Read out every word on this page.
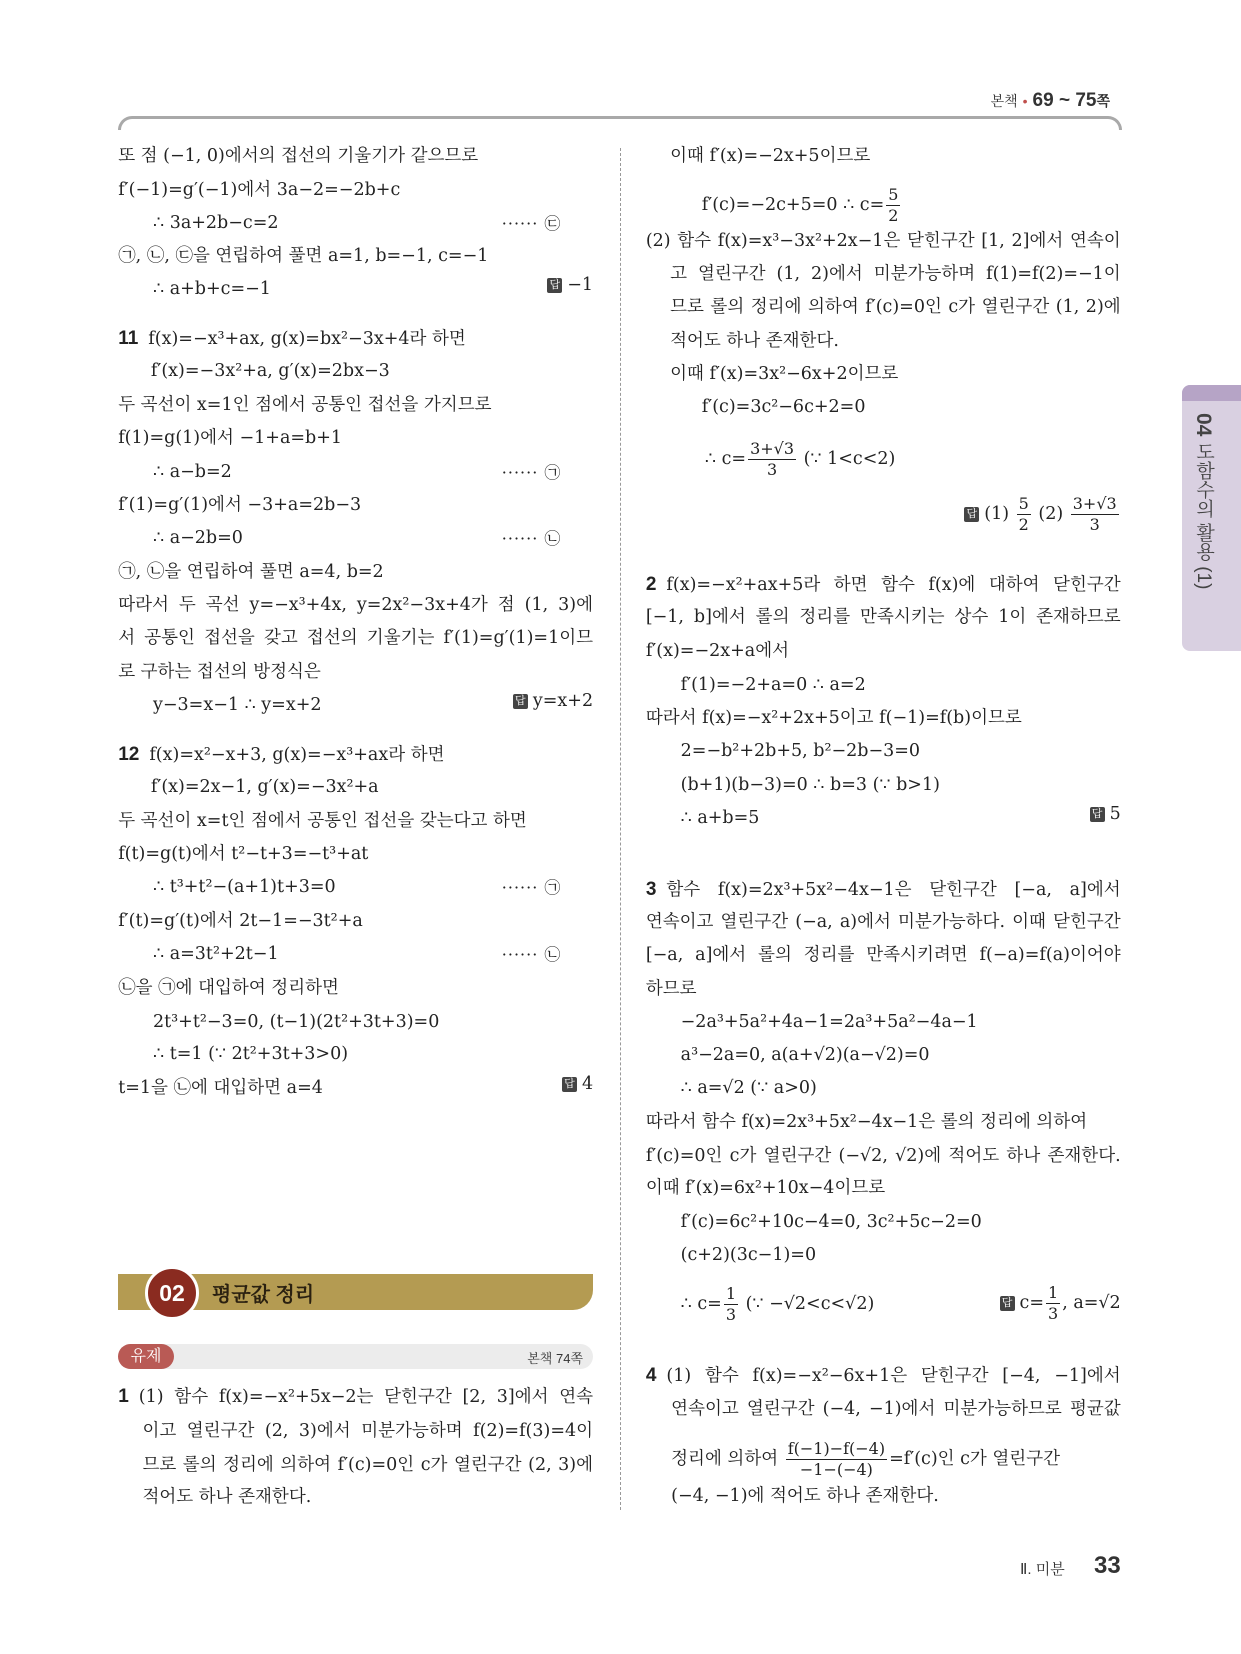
본책 • 69 ~ 75쪽
04 도함수의 활용 (1)
02	평균값 정리
유제	본책 74쪽
또 점 (−1, 0)에서의 접선의 기울기가 같으므로
f′(−1)=g′(−1)에서 3a−2=−2b+c
∴ 3a+2b−c=2	······ ㉢
㉠, ㉡, ㉢을 연립하여 풀면 a=1, b=−1, c=−1
∴ a+b+c=−1	답 −1
11 f(x)=−x³+ax, g(x)=bx²−3x+4라 하면
f′(x)=−3x²+a, g′(x)=2bx−3
두 곡선이 x=1인 점에서 공통인 접선을 가지므로
f(1)=g(1)에서 −1+a=b+1
∴ a−b=2	······ ㉠
f′(1)=g′(1)에서 −3+a=2b−3
∴ a−2b=0	······ ㉡
㉠, ㉡을 연립하여 풀면 a=4, b=2
따라서 두 곡선 y=−x³+4x, y=2x²−3x+4가 점 (1, 3)에
서 공통인 접선을 갖고 접선의 기울기는 f′(1)=g′(1)=1이므
로 구하는 접선의 방정식은
y−3=x−1 ∴ y=x+2	답 y=x+2
12 f(x)=x²−x+3, g(x)=−x³+ax라 하면
f′(x)=2x−1, g′(x)=−3x²+a
두 곡선이 x=t인 점에서 공통인 접선을 갖는다고 하면
f(t)=g(t)에서 t²−t+3=−t³+at
∴ t³+t²−(a+1)t+3=0	······ ㉠
f′(t)=g′(t)에서 2t−1=−3t²+a
∴ a=3t²+2t−1	······ ㉡
㉡을 ㉠에 대입하여 정리하면
2t³+t²−3=0, (t−1)(2t²+3t+3)=0
∴ t=1 (∵ 2t²+3t+3>0)
t=1을 ㉡에 대입하면 a=4	답 4
1 (1) 함수 f(x)=−x²+5x−2는 닫힌구간 [2, 3]에서 연속
이고 열린구간 (2, 3)에서 미분가능하며 f(2)=f(3)=4이
므로 롤의 정리에 의하여 f′(c)=0인 c가 열린구간 (2, 3)에
적어도 하나 존재한다.
이때 f′(x)=−2x+5이므로
f′(c)=−2c+5=0 ∴ $c= \frac{5}{2}$
(2) 함수 f(x)=x³−3x²+2x−1은 닫힌구간 [1, 2]에서 연속이
고 열린구간 (1, 2)에서 미분가능하며 f(1)=f(2)=−1이
므로 롤의 정리에 의하여 f′(c)=0인 c가 열린구간 (1, 2)에
적어도 하나 존재한다.
이때 f′(x)=3x²−6x+2이므로
f′(c)=3c²−6c+2=0
∴ $c= \frac{3+√3}{3}$ (∵ 1<c<2)
답 $(1) \frac{5}{2} (2) \frac{3+√3}{3}$
2 f(x)=−x²+ax+5라 하면 함수 f(x)에 대하여 닫힌구간
[−1, b]에서 롤의 정리를 만족시키는 상수 1이 존재하므로
f′(x)=−2x+a에서
f′(1)=−2+a=0 ∴ a=2
따라서 f(x)=−x²+2x+5이고 f(−1)=f(b)이므로
2=−b²+2b+5, b²−2b−3=0
(b+1)(b−3)=0 ∴ b=3 (∵ b>1)
∴ a+b=5	답 5
3 함수 f(x)=2x³+5x²−4x−1은 닫힌구간 [−a, a]에서
연속이고 열린구간 (−a, a)에서 미분가능하다. 이때 닫힌구간
[−a, a]에서 롤의 정리를 만족시키려면 f(−a)=f(a)이어야
하므로
−2a³+5a²+4a−1=2a³+5a²−4a−1
a³−2a=0, a(a+√2)(a−√2)=0
∴ a=√2 (∵ a>0)
따라서 함수 f(x)=2x³+5x²−4x−1은 롤의 정리에 의하여
f′(c)=0인 c가 열린구간 (−√2, √2)에 적어도 하나 존재한다.
이때 f′(x)=6x²+10x−4이므로
f′(c)=6c²+10c−4=0, 3c²+5c−2=0
(c+2)(3c−1)=0
∴ $c= \frac{1}{3}$ (∵ −√2<c<√2)	답 $c= \frac{1}{3}$ , a=√2
4 (1) 함수 f(x)=−x²−6x+1은 닫힌구간 [−4, −1]에서
연속이고 열린구간 (−4, −1)에서 미분가능하므로 평균값
정리에 의하여 $\frac{f(-1)-f(-4)}{-1-(-4)} =f'(c)$인 c가 열린구간
(−4, −1)에 적어도 하나 존재한다.
Ⅱ. 미분 33
